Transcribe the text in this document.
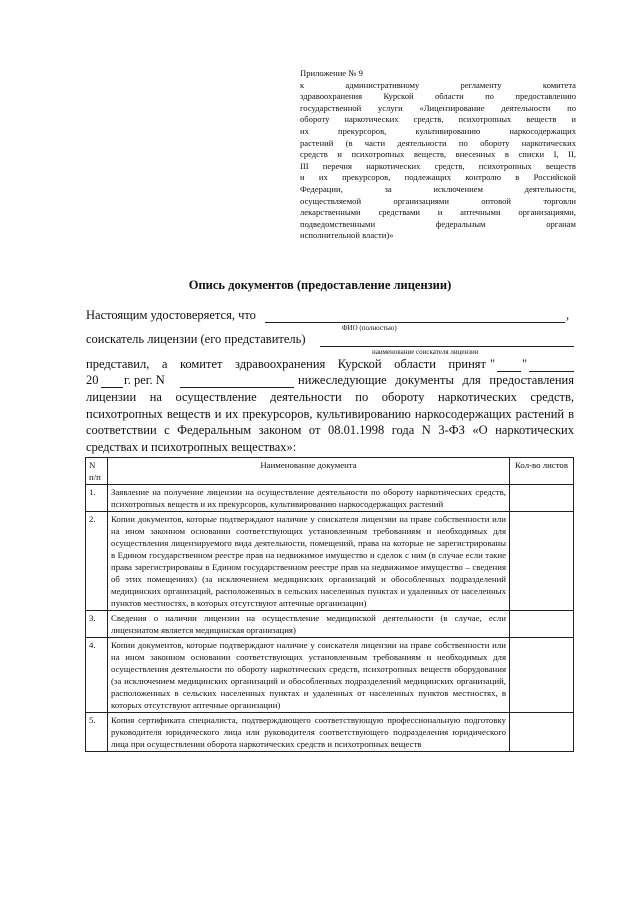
Приложение № 9
к административному регламенту комитета
здравоохранения Курской области по предоставлению
государственной услуги «Лицензирование деятельности по
обороту наркотических средств, психотропных веществ и
их прекурсоров, культивированию наркосодержащих
растений (в части деятельности по обороту наркотических
средств и психотропных веществ, внесенных в списки I, II,
III перечня наркотических средств, психотропных веществ
и их прекурсоров, подлежащих контролю в Российской
Федерации, за исключением деятельности,
осуществляемой организациями оптовой торговли
лекарственными средствами и аптечными организациями,
подведомственными федеральным органам
исполнительной власти)»
Опись документов (предоставление лицензии)
Настоящим удостоверяется, что	,
ФИО (полностью)
соискатель лицензии (его представитель)
наименование соискателя лицензии
представил, а комитет здравоохранения Курской области принят " "
20 г. рег. N	нижеследующие документы для предоставления
лицензии на осуществление деятельности по обороту наркотических средств, психотропных веществ и их прекурсоров, культивированию наркосодержащих растений в соответствии с Федеральным законом от 08.01.1998 года N 3-ФЗ «О наркотических средствах и психотропных веществах»:
N п/п	Наименование документа	Кол-во листов
1.	Заявление на получение лицензии на осуществление деятельности по обороту наркотических средств, психотропных веществ и их прекурсоров, культивированию наркосодержащих растений	
2.	Копии документов, которые подтверждают наличие у соискателя лицензии на праве собственности или на ином законном основании соответствующих установленным требованиям и необходимых для осуществления лицензируемого вида деятельности, помещений, права на которые не зарегистрированы в Едином государственном реестре прав на недвижимое имущество и сделок с ним (в случае если такие права зарегистрированы в Едином государственном реестре прав на недвижимое имущество – сведения об этих помещениях) (за исключением медицинских организаций и обособленных подразделений медицинских организаций, расположенных в сельских населенных пунктах и удаленных от населенных пунктов местностях, в которых отсутствуют аптечные организации)	
3.	Сведения о наличии лицензии на осуществление медицинской деятельности (в случае, если лицензиатом является медицинская организация)	
4.	Копии документов, которые подтверждают наличие у соискателя лицензии на праве собственности или на ином законном основании соответствующих установленным требованиям и необходимых для осуществления деятельности по обороту наркотических средств, психотропных веществ оборудования (за исключением медицинских организаций и обособленных подразделений медицинских организаций, расположенных в сельских населенных пунктах и удаленных от населенных пунктов местностях, в которых отсутствуют аптечные организации)	
5.	Копия сертификата специалиста, подтверждающего соответствующую профессиональную подготовку руководителя юридического лица или руководителя соответствующего подразделения юридического лица при осуществлении оборота наркотических средств и психотропных веществ	
